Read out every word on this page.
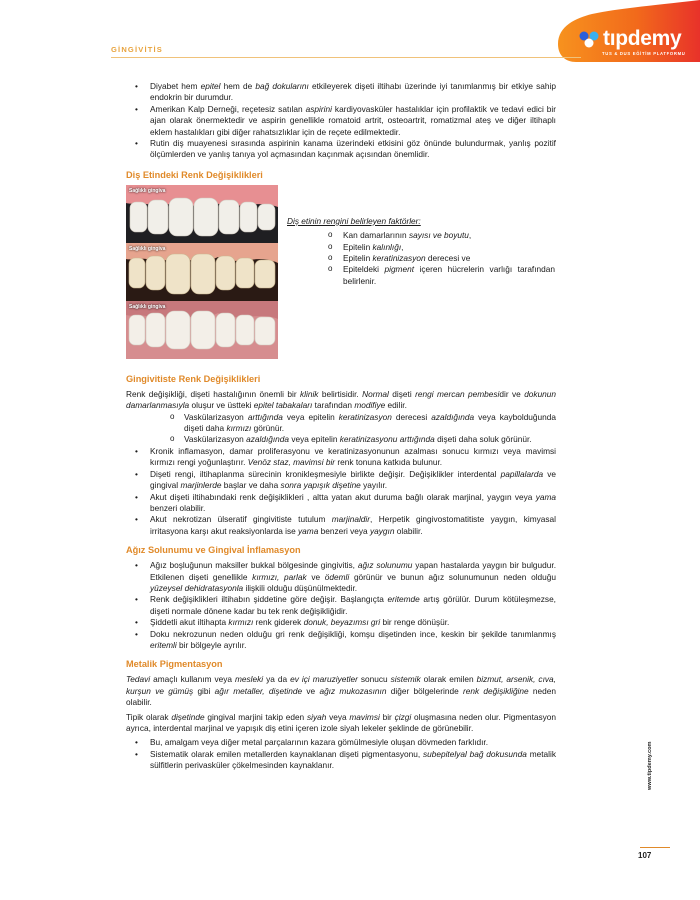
tıpdemy
TUS & DUS EĞİTİM PLATFORMU
GİNGİVİTİS
• Diyabet hem epitel hem de bağ dokularını etkileyerek dişeti iltihabı üzerinde iyi tanımlanmış bir etkiye sahip endokrin bir durumdur.
• Amerikan Kalp Derneği, reçetesiz satılan aspirini kardiyovasküler hastalıklar için profilaktik ve tedavi edici bir ajan olarak önermektedir ve aspirin genellikle romatoid artrit, osteoartrit, romatizmal ateş ve diğer iltihaplı eklem hastalıkları gibi diğer rahatsızlıklar için de reçete edilmektedir.
• Rutin diş muayenesi sırasında aspirinin kanama üzerindeki etkisini göz önünde bulundurmak, yanlış pozitif ölçümlerden ve yanlış tanıya yol açmasından kaçınmak açısından önemlidir.
Diş Etindeki Renk Değişiklikleri
Sağlıklı gingiva
Sağlıklı gingiva
Sağlıklı gingiva
Diş etinin rengini belirleyen faktörler:
o Kan damarlarının sayısı ve boyutu,
o Epitelin kalınlığı,
o Epitelin keratinizasyon derecesi ve
o Epiteldeki pigment içeren hücrelerin varlığı tarafından belirlenir.
Gingivitiste Renk Değişiklikleri

Renk değişikliği, dişeti hastalığının önemli bir klinik belirtisidir. Normal dişeti rengi mercan pembesidir ve dokunun damarlanmasıyla oluşur ve üstteki epitel tabakaları tarafından modifiye edilir.

o Vaskülarizasyon arttığında veya epitelin keratinizasyon derecesi azaldığında veya kaybolduğunda dişeti daha kırmızı görünür.
o Vaskülarizasyon azaldığında veya epitelin keratinizasyonu arttığında dişeti daha soluk görünür.
• Kronik inflamasyon, damar proliferasyonu ve keratinizasyonunun azalması sonucu kırmızı veya mavimsi kırmızı rengi yoğunlaştırır. Venöz staz, mavimsi bir renk tonuna katkıda bulunur.
• Dişeti rengi, iltihaplanma sürecinin kronikleşmesiyle birlikte değişir. Değişiklikler interdental papillalarda ve gingival marjinlerde başlar ve daha sonra yapışık dişetine yayılır.
• Akut dişeti iltihabındaki renk değişiklikleri , altta yatan akut duruma bağlı olarak marjinal, yaygın veya yama benzeri olabilir.
• Akut nekrotizan ülseratif gingivitiste tutulum marjinaldir, Herpetik gingivostomatitiste yaygın, kimyasal irritasyona karşı akut reaksiyonlarda ise yama benzeri veya yaygın olabilir.
Ağız Solunumu ve Gingival İnflamasyon
• Ağız boşluğunun maksiller bukkal bölgesinde gingivitis, ağız solunumu yapan hastalarda yaygın bir bulgudur. Etkilenen dişeti genellikle kırmızı, parlak ve ödemli görünür ve bunun ağız solunumunun neden olduğu yüzeysel dehidratasyonla ilişkili olduğu düşünülmektedir.
• Renk değişiklikleri iltihabın şiddetine göre değişir. Başlangıçta eritemde artış görülür. Durum kötüleşmezse, dişeti normale dönene kadar bu tek renk değişikliğidir.
• Şiddetli akut iltihapta kırmızı renk giderek donuk, beyazımsı gri bir renge dönüşür.
• Doku nekrozunun neden olduğu gri renk değişikliği, komşu dişetinden ince, keskin bir şekilde tanımlanmış eritemli bir bölgeyle ayrılır.
Metalik Pigmentasyon

Tedavi amaçlı kullanım veya mesleki ya da ev içi maruziyetler sonucu sistemik olarak emilen bizmut, arsenik, cıva, kurşun ve gümüş gibi ağır metaller, dişetinde ve ağız mukozasının diğer bölgelerinde renk değişikliğine neden olabilir.

Tipik olarak dişetinde gingival marjini takip eden siyah veya mavimsi bir çizgi oluşmasına neden olur. Pigmentasyon ayrıca, interdental marjinal ve yapışık diş etini içeren izole siyah lekeler şeklinde de görünebilir.

• Bu, amalgam veya diğer metal parçalarının kazara gömülmesiyle oluşan dövmeden farklıdır.
• Sistematik olarak emilen metallerden kaynaklanan dişeti pigmentasyonu, subepitelyal bağ dokusunda metalik sülfitlerin perivasküler çökelmesinden kaynaklanır.	www.tipdemy.com
107
